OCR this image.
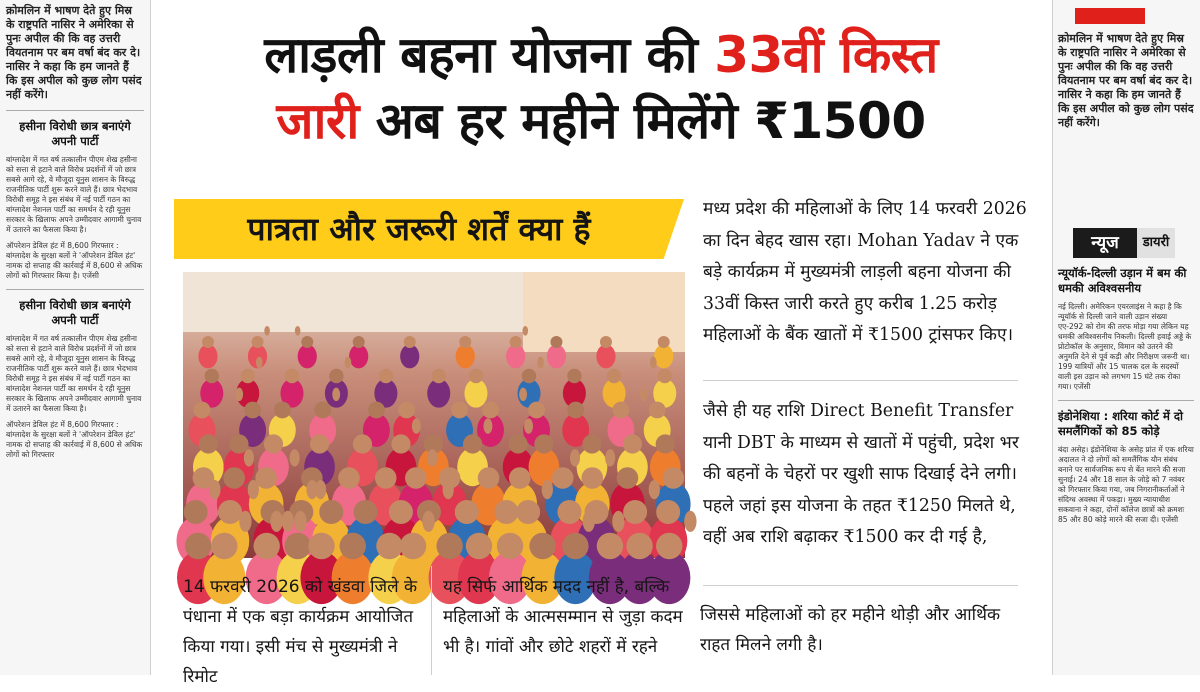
क्रोमलिन में भाषण देते हुए मिस्र के राष्ट्रपति नासिर ने अमेरिका से पुनः अपील की कि वह उत्तरी वियतनाम पर बम वर्षा बंद कर दे। नासिर ने कहा कि हम जानते हैं कि इस अपील को कुछ लोग पसंद नहीं करेंगे।
हसीना विरोधी छात्र बनाएंगे अपनी पार्टी
बांग्लादेश में गत वर्ष तत्कालीन पीएम शेख हसीना को सत्ता से हटाने वाले विरोध प्रदर्शनों में जो छात्र सबसे आगे रहे, वे मौजूदा यूनुस शासन के विरुद्ध राजनीतिक पार्टी शुरू करने वाले हैं। छात्र भेदभाव विरोधी समूह ने इस संबंध में नई पार्टी गठन का बांग्लादेश नेशनल पार्टी का समर्थन दे रही यूनुस सरकार के खिलाफ अपने उम्मीदवार आगामी चुनाव में उतारने का फैसला किया है।
ऑपरेशन डेविल हंट में 8,600 गिरफ्तार : बांग्लादेश के सुरक्षा बलों ने 'ऑपरेशन डेविल हंट' नामक दो सप्ताह की कार्रवाई में 8,600 से अधिक लोगों को गिरफ्तार किया है। एजेंसी
हसीना विरोधी छात्र बनाएंगे अपनी पार्टी
बांग्लादेश में गत वर्ष तत्कालीन पीएम शेख हसीना को सत्ता से हटाने वाले विरोध प्रदर्शनों में जो छात्र सबसे आगे रहे, वे मौजूदा यूनुस शासन के विरुद्ध राजनीतिक पार्टी शुरू करने वाले हैं। छात्र भेदभाव विरोधी समूह ने इस संबंध में नई पार्टी गठन का बांग्लादेश नेशनल पार्टी का समर्थन दे रही यूनुस सरकार के खिलाफ अपने उम्मीदवार आगामी चुनाव में उतारने का फैसला किया है।
ऑपरेशन डेविल हंट में 8,600 गिरफ्तार : बांग्लादेश के सुरक्षा बलों ने 'ऑपरेशन डेविल हंट' नामक दो सप्ताह की कार्रवाई में 8,600 से अधिक लोगों को गिरफ्तार
क्रोमलिन में भाषण देते हुए मिस्र के राष्ट्रपति नासिर ने अमेरिका से पुनः अपील की कि वह उत्तरी वियतनाम पर बम वर्षा बंद कर दे। नासिर ने कहा कि हम जानते हैं कि इस अपील को कुछ लोग पसंद नहीं करेंगे।
न्यूयॉर्क-दिल्ली उड़ान में बम की धमकी अविश्वसनीय
नई दिल्ली। अमेरिकन एयरलाइंस ने कहा है कि न्यूयॉर्क से दिल्ली जाने वाली उड़ान संख्या एए-292 को रोम की तरफ मोड़ा गया लेकिन यह धमकी अविश्वसनीय निकली। दिल्ली हवाई अड्डे के प्रोटोकॉल के अनुसार, विमान को उतरने की अनुमति देने से पूर्व कड़ी और निरीक्षण जरूरी था। 199 यात्रियों और 15 चालक दल के सदस्यों वाली इस उड़ान को लगभग 15 घंटे तक रोका गया। एजेंसी
इंडोनेशिया : शरिया कोर्ट में दो समलैंगिकों को 85 कोड़े
बंदा असेह। इंडोनेशिया के असेह प्रांत में एक शरिया अदालत ने दो लोगों को समलैंगिक यौन संबंध बनाने पर सार्वजनिक रूप से बेंत मारने की सजा सुनाई। 24 और 18 साल के जोड़े को 7 नवंबर को गिरफ्तार किया गया, जब निगरानीकर्ताओं ने संदिग्ध अवस्था में पकड़ा। मुख्य न्यायाधीश सकवाना ने कहा, दोनों कॉलेज छात्रों को क्रमशः 85 और 80 कोड़े मारने की सजा दी। एजेंसी
न्यूज	डायरी
लाड़ली बहना योजना की 33वीं किस्त
जारी अब हर महीने मिलेंगे ₹1500
पात्रता और जरूरी शर्तें क्या हैं
मध्य प्रदेश की महिलाओं के लिए 14 फरवरी 2026 का दिन बेहद खास रहा। Mohan Yadav ने एक बड़े कार्यक्रम में मुख्यमंत्री लाड़ली बहना योजना की 33वीं किस्त जारी करते हुए करीब 1.25 करोड़ महिलाओं के बैंक खातों में ₹1500 ट्रांसफर किए।
जैसे ही यह राशि Direct Benefit Transfer यानी DBT के माध्यम से खातों में पहुंची, प्रदेश भर की बहनों के चेहरों पर खुशी साफ दिखाई देने लगी। पहले जहां इस योजना के तहत ₹1250 मिलते थे, वहीं अब राशि बढ़ाकर ₹1500 कर दी गई है,
जिससे महिलाओं को हर महीने थोड़ी और आर्थिक राहत मिलने लगी है।
14 फरवरी 2026 को खंडवा जिले के पंधाना में एक बड़ा कार्यक्रम आयोजित किया गया। इसी मंच से मुख्यमंत्री ने रिमोट
यह सिर्फ आर्थिक मदद नहीं है, बल्कि महिलाओं के आत्मसम्मान से जुड़ा कदम भी है। गांवों और छोटे शहरों में रहने
